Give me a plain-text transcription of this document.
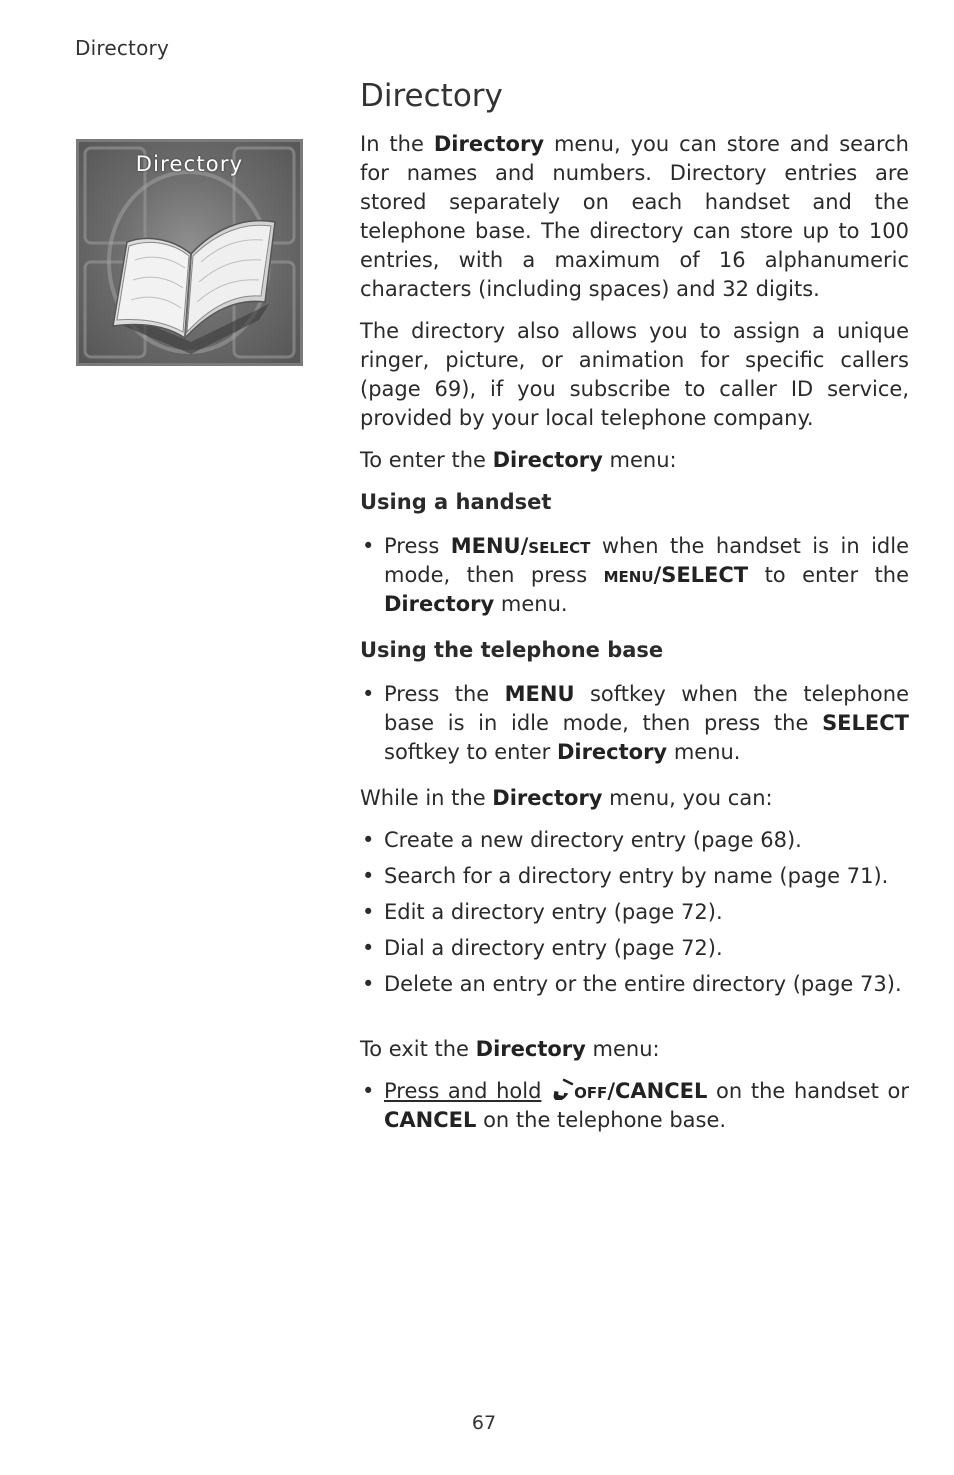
Directory
Directory
Directory

In the Directory menu, you can store and search for names and numbers. Directory entries are stored separately on each handset and the telephone base. The directory can store up to 100 entries, with a maximum of 16 alphanumeric characters (including spaces) and 32 digits.

The directory also allows you to assign a unique ringer, picture, or animation for specific callers (page 69), if you subscribe to caller ID service, provided by your local telephone company.

To enter the Directory menu:

Using a handset

• Press MENU/select when the handset is in idle mode, then press menu/SELECT to enter the Directory menu.

Using the telephone base

• Press the MENU softkey when the telephone base is in idle mode, then press the SELECT softkey to enter Directory menu.

While in the Directory menu, you can:

• Create a new directory entry (page 68).
• Search for a directory entry by name (page 71).
• Edit a directory entry (page 72).
• Dial a directory entry (page 72).
• Delete an entry or the entire directory (page 73).

To exit the Directory menu:

• Press and hold off/CANCEL on the handset or CANCEL on the telephone base.
67
